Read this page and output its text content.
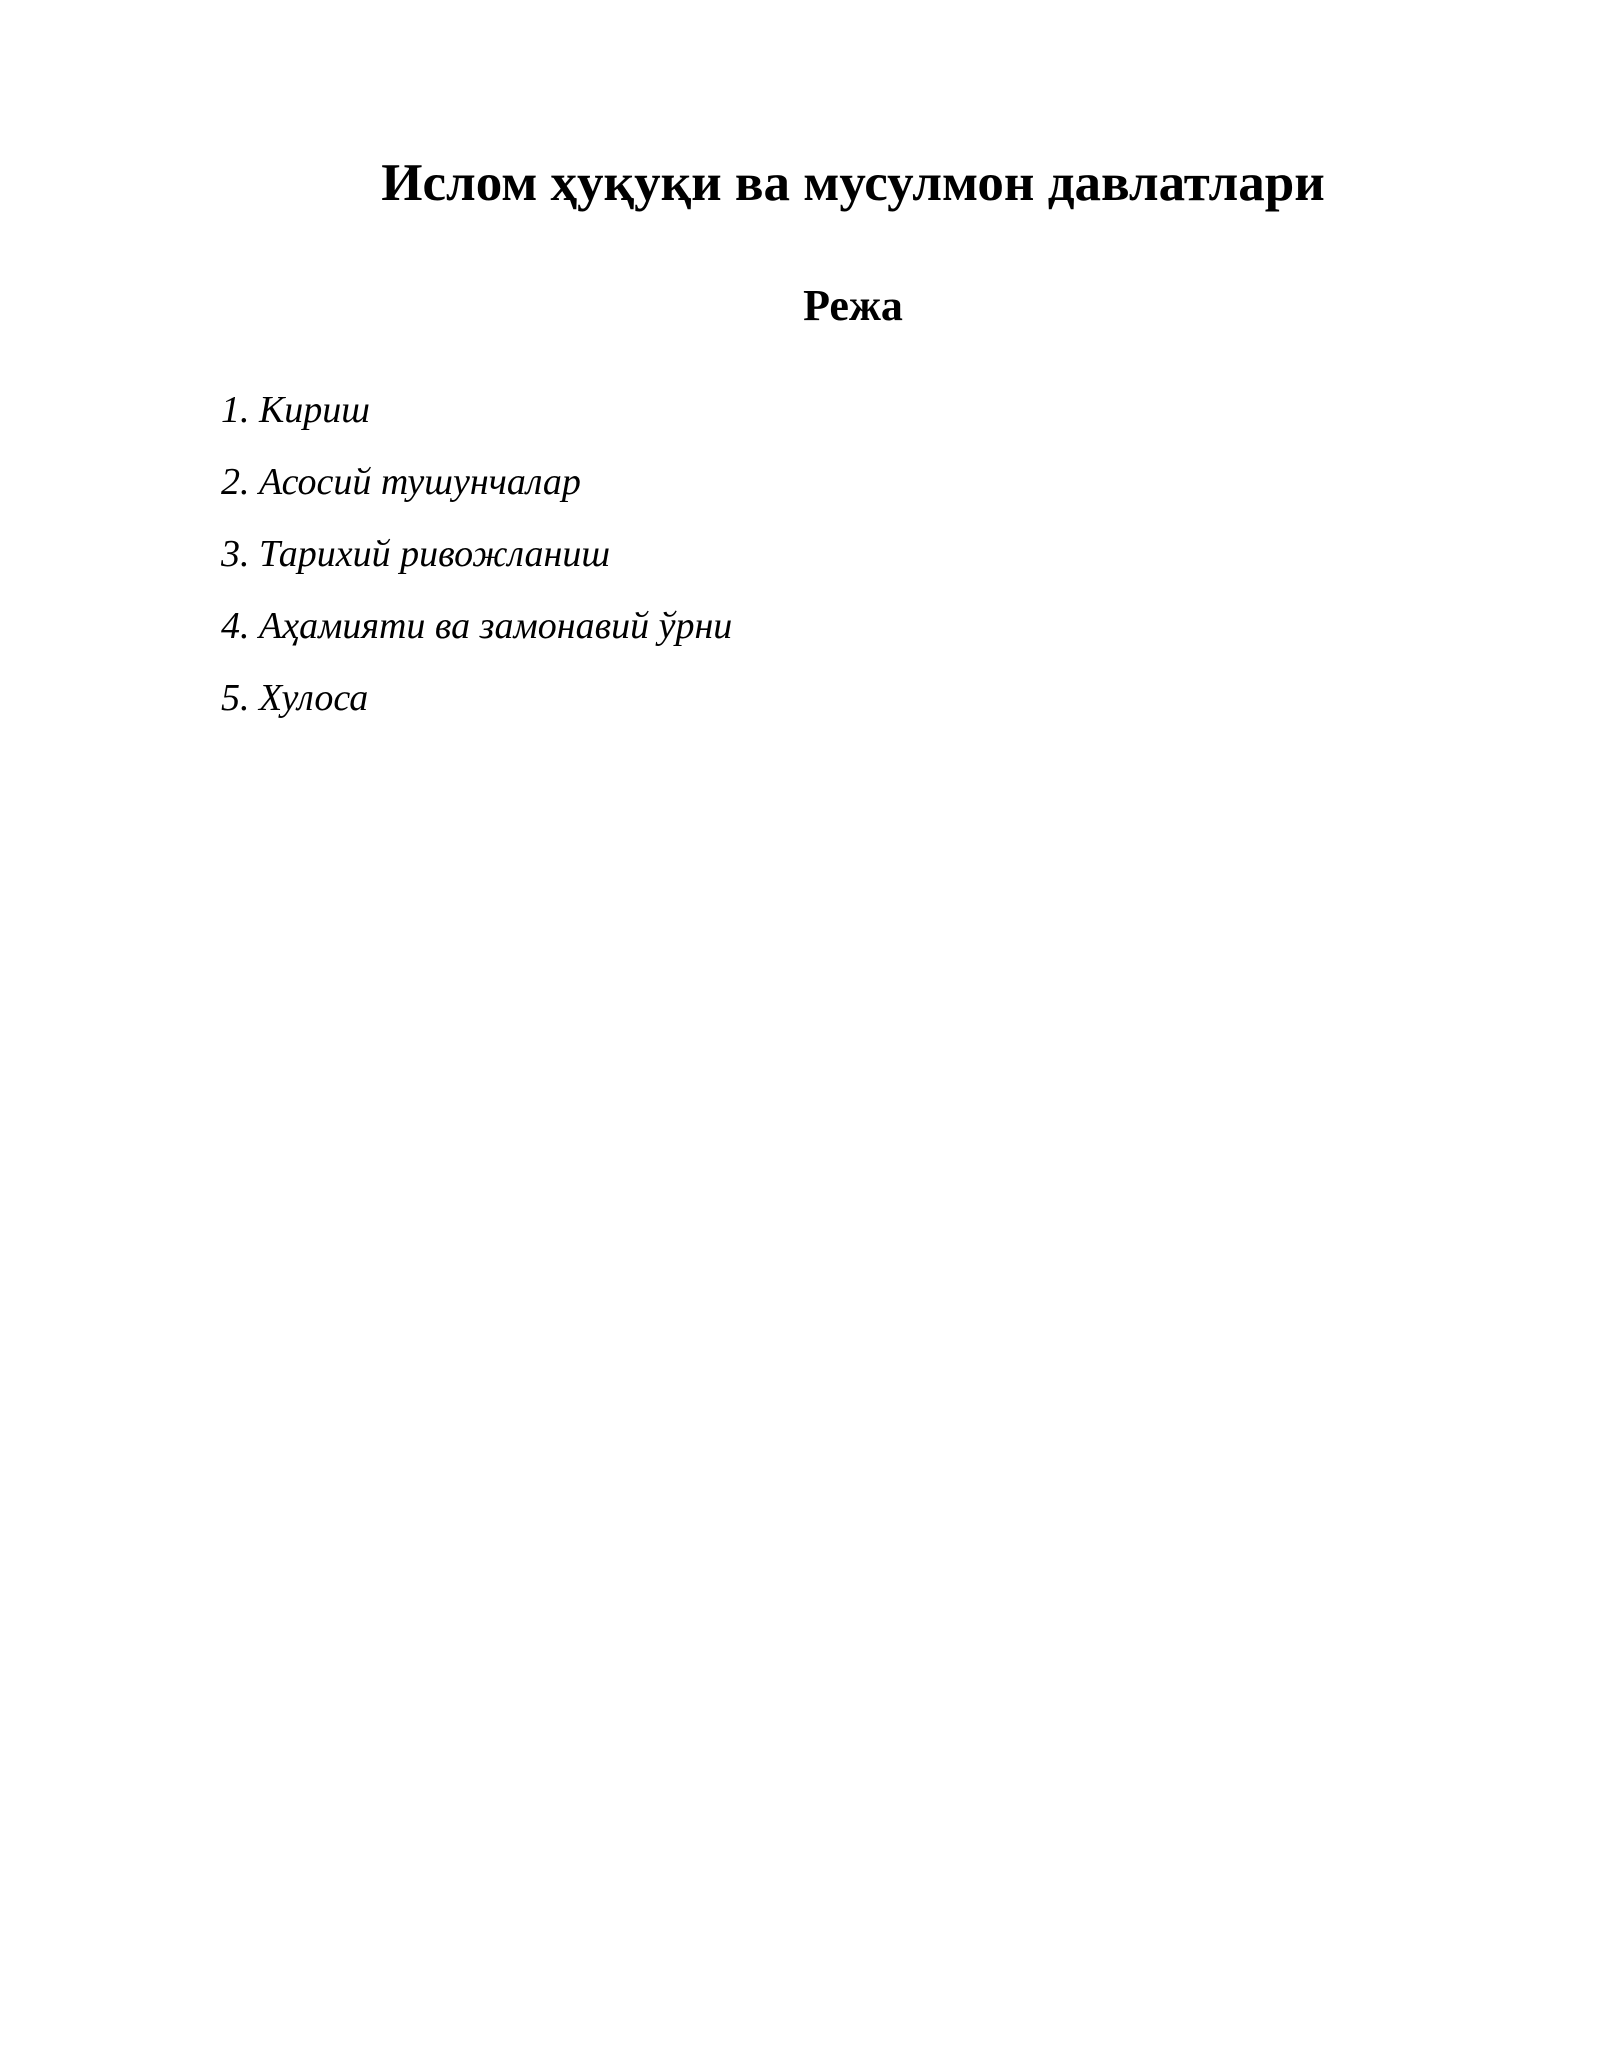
Ислом ҳуқуқи ва мусулмон давлатлари
Режа
1. Кириш
2. Асосий тушунчалар
3. Тарихий ривожланиш
4. Аҳамияти ва замонавий ўрни
5. Хулоса
